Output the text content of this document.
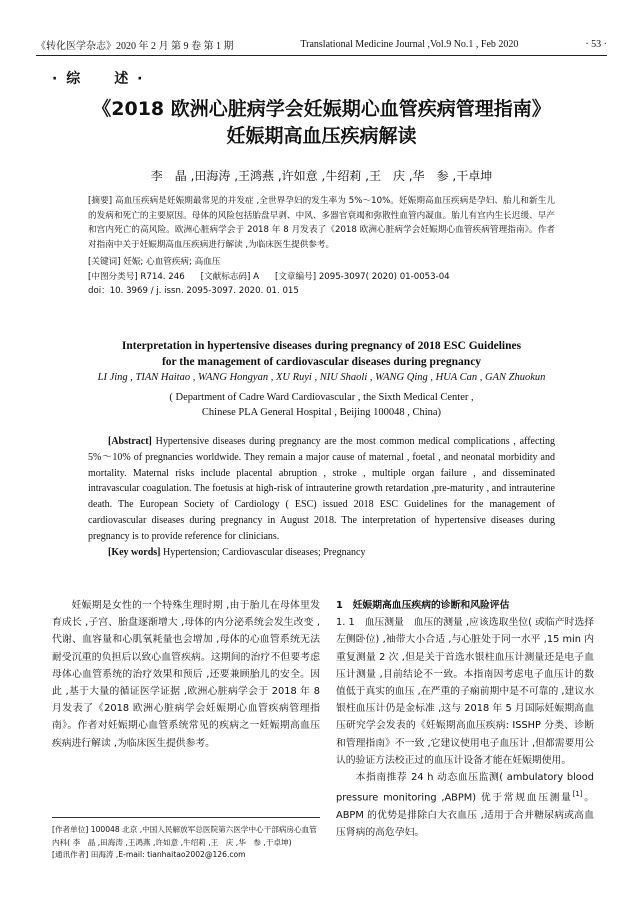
《转化医学杂志》2020 年 2 月 第 9 卷 第 1 期	Translational Medicine Journal ,Vol.9 No.1 , Feb 2020	· 53 ·
· 综　　述 ·
《2018 欧洲心脏病学会妊娠期心血管疾病管理指南》
妊娠期高血压疾病解读
李　晶 ,田海涛 ,王鸿燕 ,许如意 ,牛绍莉 ,王　庆 ,华　参 ,干卓坤

[摘要] 高血压疾病是妊娠期最常见的并发症 ,全世界孕妇的发生率为 5%～10%。妊娠期高血压疾病是孕妇、胎儿和新生儿的发病和死亡的主要原因。母体的风险包括胎盘早剥、中风、多器官衰竭和弥散性血管内凝血。胎儿有宫内生长迟缓、早产和宫内死亡的高风险。欧洲心脏病学会于 2018 年 8 月发表了《2018 欧洲心脏病学会妊娠期心血管疾病管理指南》。作者对指南中关于妊娠期高血压疾病进行解读 ,为临床医生提供参考。

[关键词] 妊娠; 心血管疾病; 高血压

[中图分类号] R714. 246 [文献标志码] A [文章编号] 2095-3097( 2020) 01-0053-04

doi：10. 3969 / j. issn. 2095-3097. 2020. 01. 015

Interpretation in hypertensive diseases during pregnancy of 2018 ESC Guidelines
for the management of cardiovascular diseases during pregnancy
LI Jing , TIAN Haitao , WANG Hongyan , XU Ruyi , NIU Shaoli , WANG Qing , HUA Can , GAN Zhuokun
( Department of Cadre Ward Cardiovascular , the Sixth Medical Center ,
Chinese PLA General Hospital , Beijing 100048 , China)

[Abstract] Hypertensive diseases during pregnancy are the most common medical complications , affecting 5%～10% of pregnancies worldwide. They remain a major cause of maternal , foetal , and neonatal morbidity and mortality. Maternal risks include placental abruption , stroke , multiple organ failure , and disseminated intravascular coagulation. The foetusis at high-risk of intrauterine growth retardation ,pre-maturity , and intrauterine death. The European Society of Cardiology ( ESC) issued 2018 ESC Guidelines for the management of cardiovascular diseases during pregnancy in August 2018. The interpretation of hypertensive diseases during pregnancy is to provide reference for clinicians.

[Key words] Hypertension; Cardiovascular diseases; Pregnancy

妊娠期是女性的一个特殊生理时期 ,由于胎儿在母体里发育成长 ,子宫、胎盘逐渐增大 ,母体的内分泌系统会发生改变 ,代谢、血容量和心肌氧耗量也会增加 ,母体的心血管系统无法耐受沉重的负担后以致心血管疾病。这期间的治疗不但要考虑母体心血管系统的治疗效果和预后 ,还要兼顾胎儿的安全。因此 ,基于大量的循证医学证据 ,欧洲心脏病学会于 2018 年 8 月发表了《2018 欧洲心脏病学会妊娠期心血管疾病管理指南》。作者对妊娠期心血管系统常见的疾病之一妊娠期高血压疾病进行解读 ,为临床医生提供参考。

1　妊娠期高血压疾病的诊断和风险评估

1. 1　血压测量　血压的测量 ,应该选取坐位( 或临产时选择左侧卧位) ,袖带大小合适 ,与心脏处于同一水平 ,15 min 内重复测量 2 次 ,但是关于首选水银柱血压计测量还是电子血压计测量 ,目前结论不一致。本指南因考虑电子血压计的数值低于真实的血压 ,在严重的子痫前期中是不可靠的 ,建议水银柱血压计仍是金标准 ,这与 2018 年 5 月国际妊娠期高血压研究学会发表的《妊娠期高血压疾病: ISSHP 分类、诊断和管理指南》不一致 ,它建议使用电子血压计 ,但都需要用公认的验证方法校正过的血压计设备才能在妊娠期使用。

本指南推荐 24 h 动态血压监测( ambulatory blood pressure monitoring ,ABPM) 优于常规血压测量[1]。ABPM 的优势是排除白大衣血压 ,适用于合并糖尿病或高血压肾病的高危孕妇。

[作者单位] 100048 北京 ,中国人民解放军总医院第六医学中心干部病房心血管内科( 李　晶 ,田海涛 ,王鸿燕 ,许如意 ,牛绍莉 ,王　庆 ,华　参 ,干卓坤)

[通讯作者] 田海涛 ,E-mail: tianhaitao2002@126.com
